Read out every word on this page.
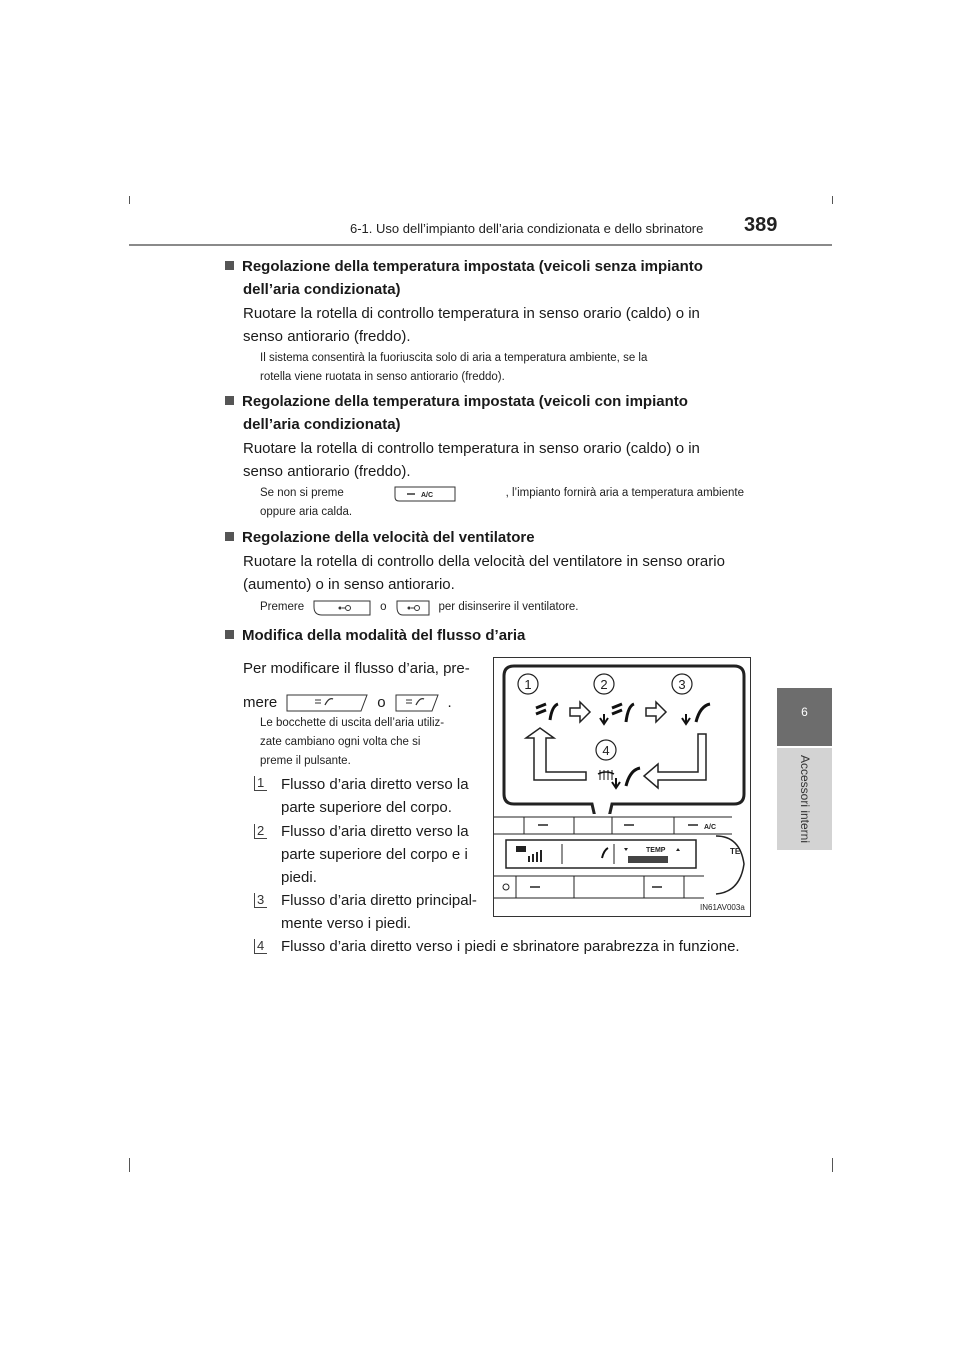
6-1. Uso dell’impianto dell’aria condizionata e dello sbrinatore 389
6
Accessori interni
Regolazione della temperatura impostata (veicoli senza impianto
dell’aria condizionata)
Ruotare la rotella di controllo temperatura in senso orario (caldo) o in
senso antiorario (freddo).
Il sistema consentirà la fuoriuscita solo di aria a temperatura ambiente, se la
rotella viene ruotata in senso antiorario (freddo).
Regolazione della temperatura impostata (veicoli con impianto
dell’aria condizionata)
Ruotare la rotella di controllo temperatura in senso orario (caldo) o in
senso antiorario (freddo).
Se non si preme	A/C	, l’impianto fornirà aria a temperatura ambiente
oppure aria calda.
Regolazione della velocità del ventilatore
Ruotare la rotella di controllo della velocità del ventilatore in senso orario
(aumento) o in senso antiorario.
Premere	o	per disinserire il ventilatore.
Modifica della modalità del flusso d’aria
Per modificare il flusso d’aria, pre-
mere	o	.
Le bocchette di uscita dell’aria utiliz-
zate cambiano ogni volta che si
preme il pulsante.
1 Flusso d’aria diretto verso la
parte superiore del corpo.
2 Flusso d’aria diretto verso la
parte superiore del corpo e i
piedi.
3 Flusso d’aria diretto principal-
mente verso i piedi.
4 Flusso d’aria diretto verso i piedi e sbrinatore parabrezza in funzione.
1	2	3
4
A/C
TEMP	TE
IN61AV003a
